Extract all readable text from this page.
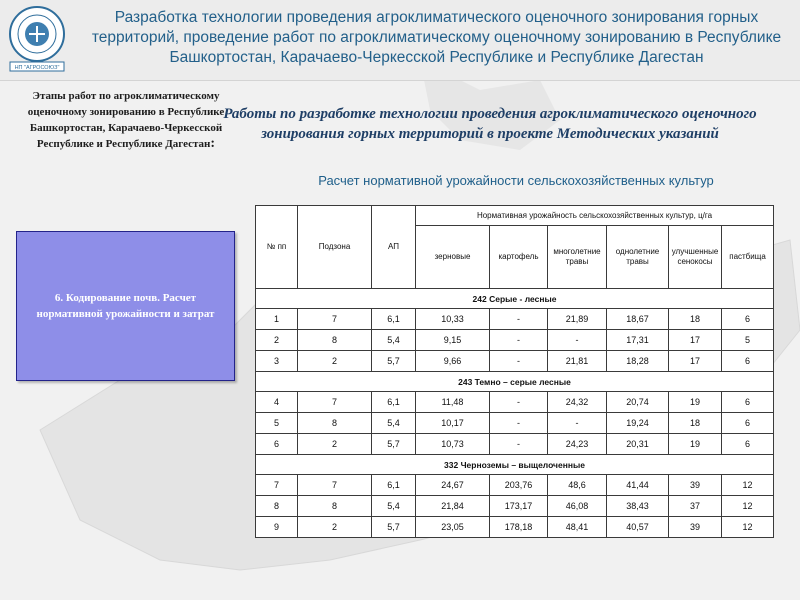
НП "АГРОСОЮЗ"
Разработка технологии проведения агроклиматического оценочного зонирования горных территорий, проведение работ по агроклиматическому оценочному зонированию в Республике Башкортостан, Карачаево-Черкесской Республике и Республике Дагестан
Этапы работ по агроклиматическому оценочному зонированию в Республике Башкортостан, Карачаево-Черкесской Республике и Республике Дагестан:
6. Кодирование почв. Расчет нормативной урожайности и затрат
Работы по разработке технологии проведения агроклиматического оценочного зонирования горных территорий в проекте Методических указаний
Расчет нормативной урожайности сельскохозяйственных культур
№ пп	Подзона	АП	Нормативная урожайность сельскохозяйственных культур, ц/га					
			зерновые	картофель	многолетние травы	однолетние травы	улучшенные сенокосы	пастбища
242 Серые - лесные								
1	7	6,1	10,33	-	21,89	18,67	18	6
2	8	5,4	9,15	-	-	17,31	17	5
3	2	5,7	9,66	-	21,81	18,28	17	6
243 Темно – серые лесные								
4	7	6,1	11,48	-	24,32	20,74	19	6
5	8	5,4	10,17	-	-	19,24	18	6
6	2	5,7	10,73	-	24,23	20,31	19	6
332 Черноземы – выщелоченные								
7	7	6,1	24,67	203,76	48,6	41,44	39	12
8	8	5,4	21,84	173,17	46,08	38,43	37	12
9	2	5,7	23,05	178,18	48,41	40,57	39	12
